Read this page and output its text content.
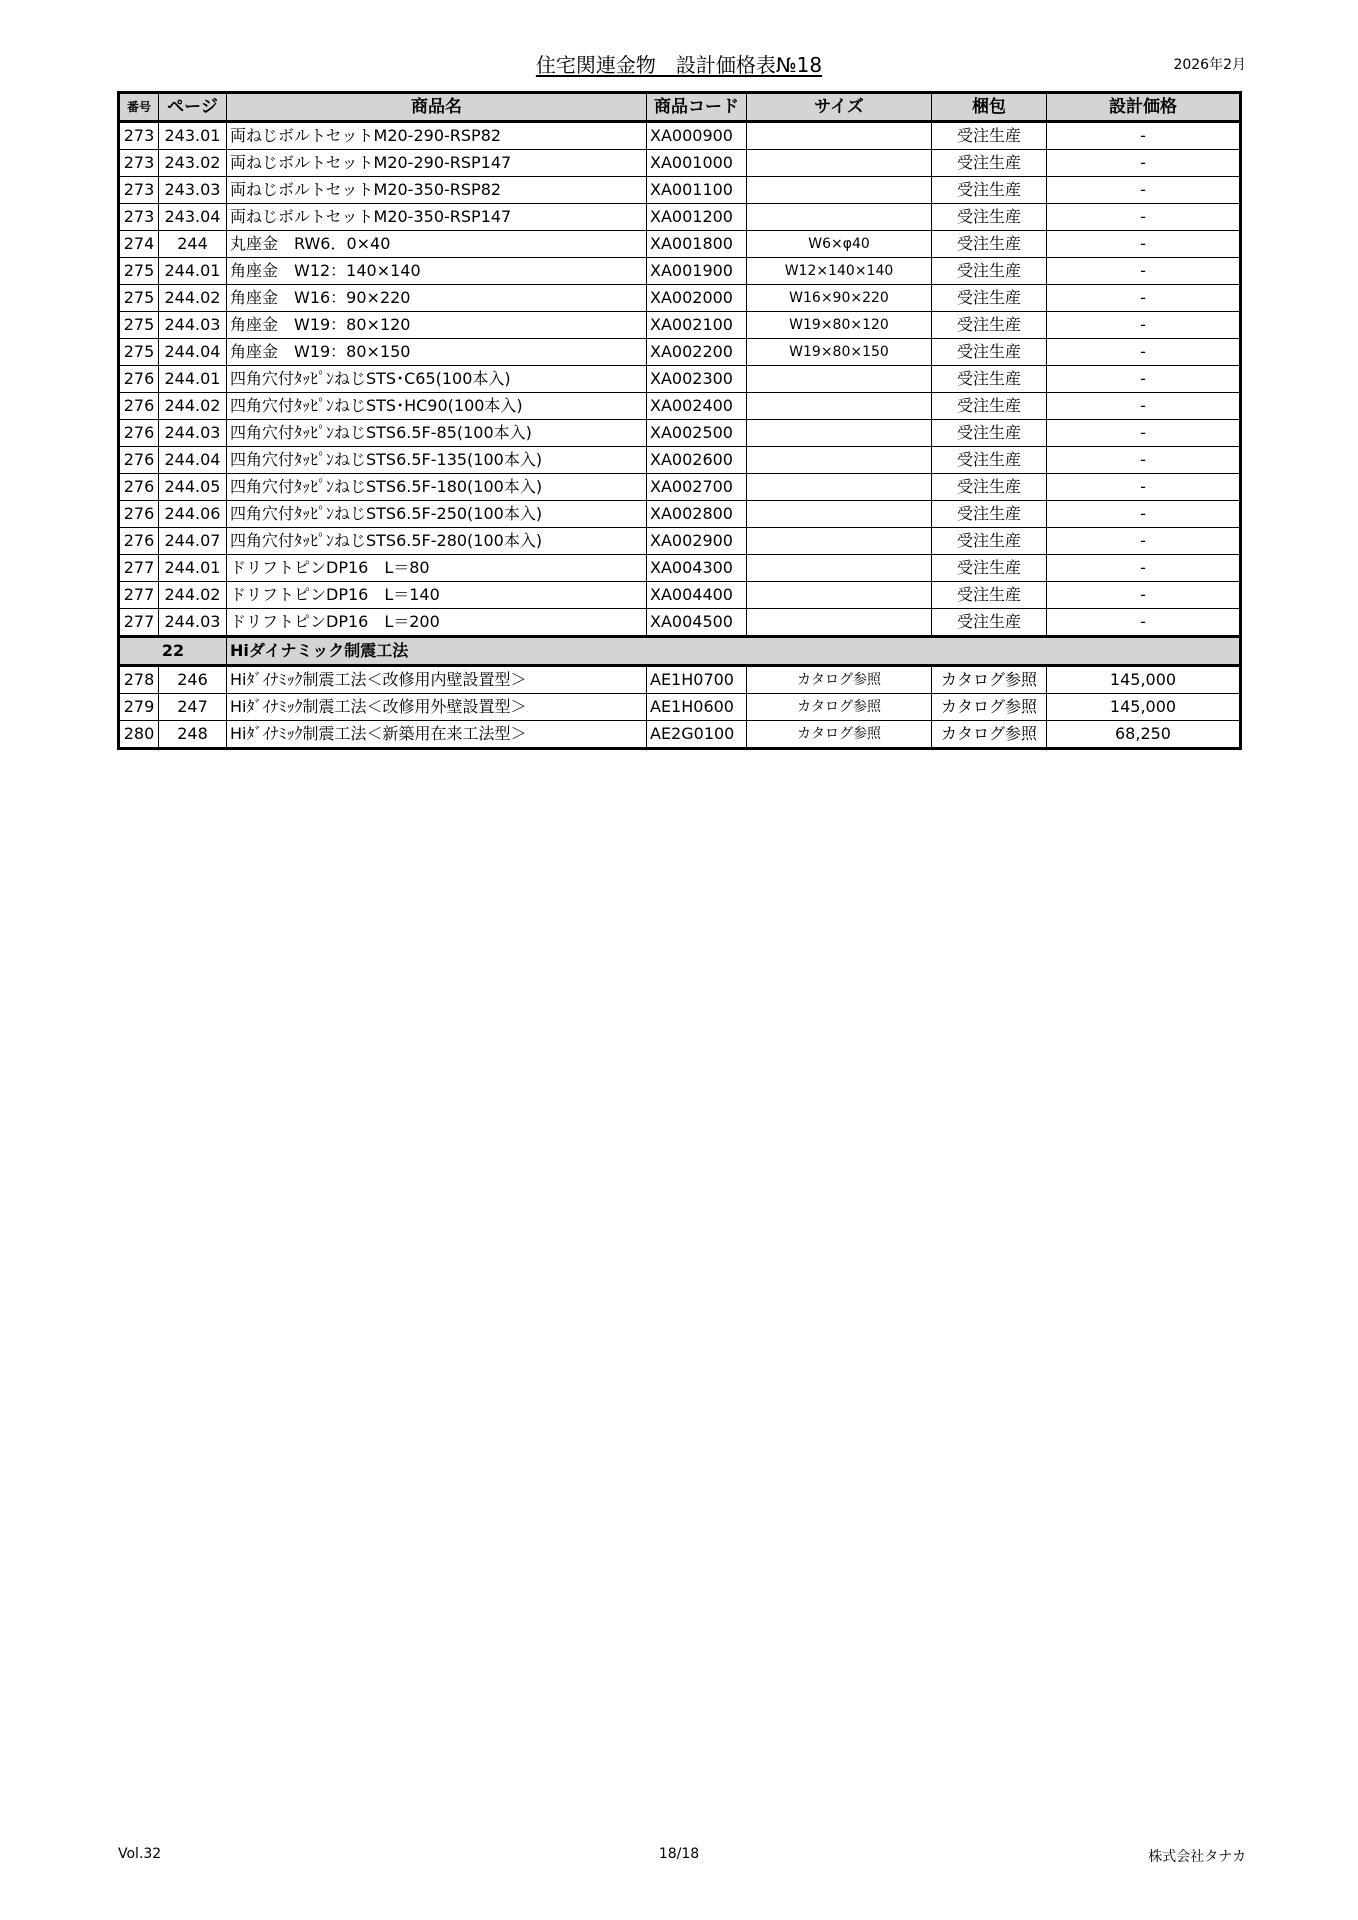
住宅関連金物　設計価格表№18	2026年2月
番号	ページ	商品名	商品コード	サイズ	梱包	設計価格
273	243.01	両ねじボルトセットM20-290-RSP82	XA000900		受注生産	-
273	243.02	両ねじボルトセットM20-290-RSP147	XA001000		受注生産	-
273	243.03	両ねじボルトセットM20-350-RSP82	XA001100		受注生産	-
273	243.04	両ねじボルトセットM20-350-RSP147	XA001200		受注生産	-
274	244	丸座金　RW6．0×40	XA001800	W6×φ40	受注生産	-
275	244.01	角座金　W12：140×140	XA001900	W12×140×140	受注生産	-
275	244.02	角座金　W16：90×220	XA002000	W16×90×220	受注生産	-
275	244.03	角座金　W19：80×120	XA002100	W19×80×120	受注生産	-
275	244.04	角座金　W19：80×150	XA002200	W19×80×150	受注生産	-
276	244.01	四角穴付ﾀｯﾋﾟﾝねじSTS･C65(100本入)	XA002300		受注生産	-
276	244.02	四角穴付ﾀｯﾋﾟﾝねじSTS･HC90(100本入)	XA002400		受注生産	-
276	244.03	四角穴付ﾀｯﾋﾟﾝねじSTS6.5F-85(100本入)	XA002500		受注生産	-
276	244.04	四角穴付ﾀｯﾋﾟﾝねじSTS6.5F-135(100本入)	XA002600		受注生産	-
276	244.05	四角穴付ﾀｯﾋﾟﾝねじSTS6.5F-180(100本入)	XA002700		受注生産	-
276	244.06	四角穴付ﾀｯﾋﾟﾝねじSTS6.5F-250(100本入)	XA002800		受注生産	-
276	244.07	四角穴付ﾀｯﾋﾟﾝねじSTS6.5F-280(100本入)	XA002900		受注生産	-
277	244.01	ドリフトピンDP16　L＝80	XA004300		受注生産	-
277	244.02	ドリフトピンDP16　L＝140	XA004400		受注生産	-
277	244.03	ドリフトピンDP16　L＝200	XA004500		受注生産	-
22		Hiダイナミック制震工法				
278	246	Hiﾀﾞｲﾅﾐｯｸ制震工法＜改修用内壁設置型＞	AE1H0700	カタログ参照	カタログ参照	145,000
279	247	Hiﾀﾞｲﾅﾐｯｸ制震工法＜改修用外壁設置型＞	AE1H0600	カタログ参照	カタログ参照	145,000
280	248	Hiﾀﾞｲﾅﾐｯｸ制震工法＜新築用在来工法型＞	AE2G0100	カタログ参照	カタログ参照	68,250
Vol.32	18/18	株式会社タナカ
